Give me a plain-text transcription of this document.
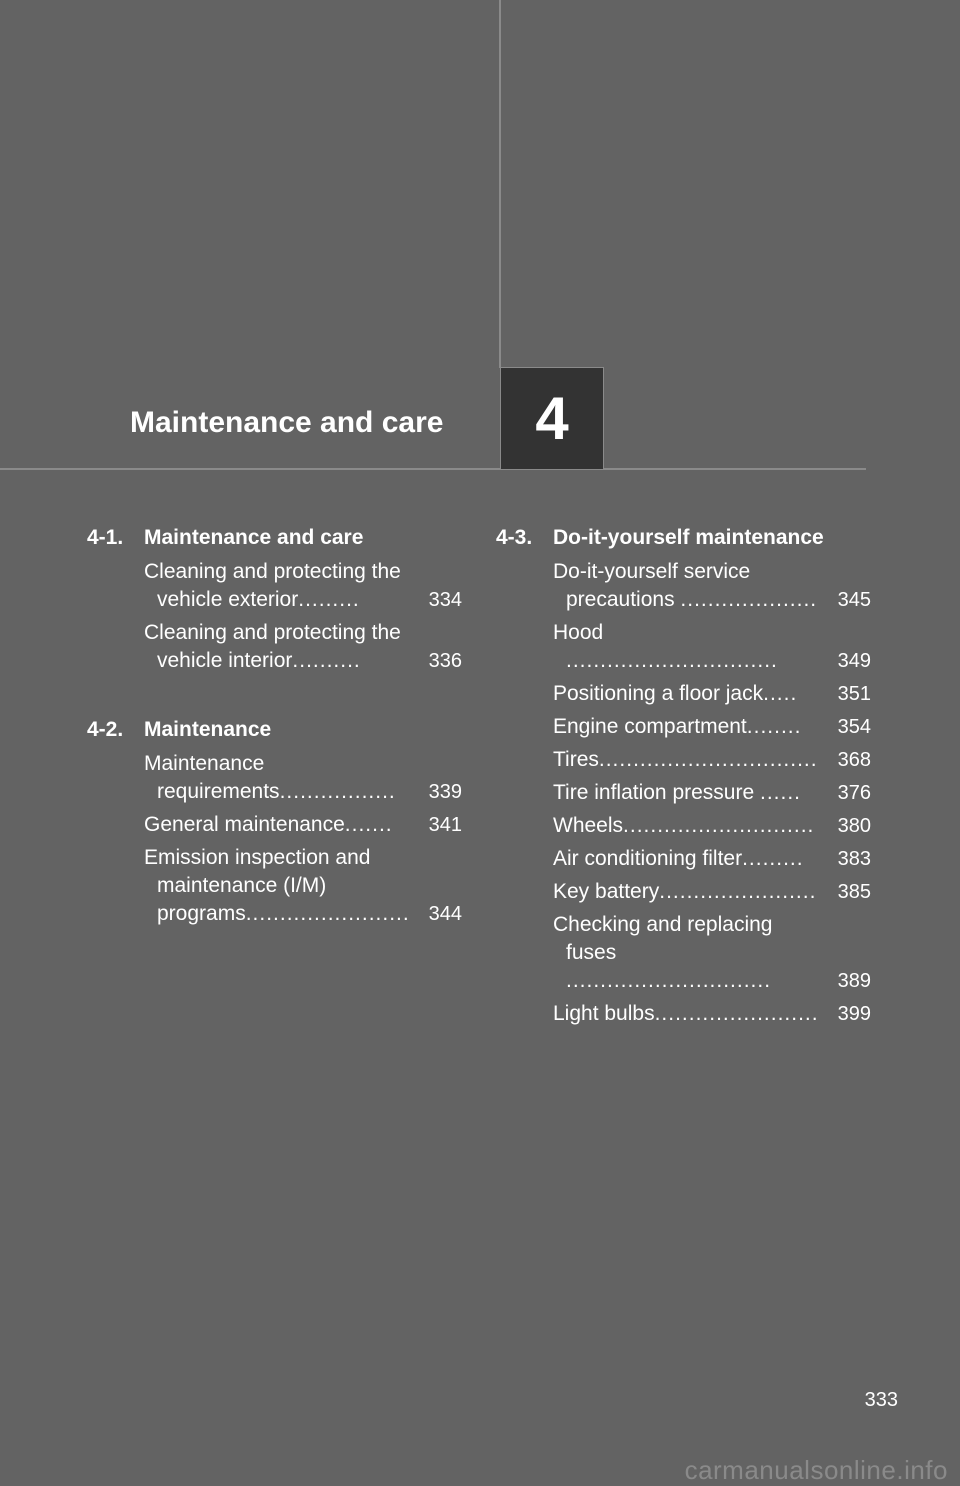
Maintenance and care	4
4-1. Maintenance and care
Cleaning and protecting the vehicle exterior.........	334
Cleaning and protecting the vehicle interior..........	336
4-2. Maintenance
Maintenance requirements.................	339
General maintenance.......	341
Emission inspection and maintenance (I/M) programs........................ 344
4-3. Do-it-yourself maintenance
Do-it-yourself service precautions ....................	345
Hood ...............................	349
Positioning a floor jack.....	351
Engine compartment........	354
Tires................................	368
Tire inflation pressure ......	376
Wheels............................	380
Air conditioning filter.........	383
Key battery.......................	385
Checking and replacing fuses ..............................	389
Light bulbs........................ 399
333
carmanualsonline.info
